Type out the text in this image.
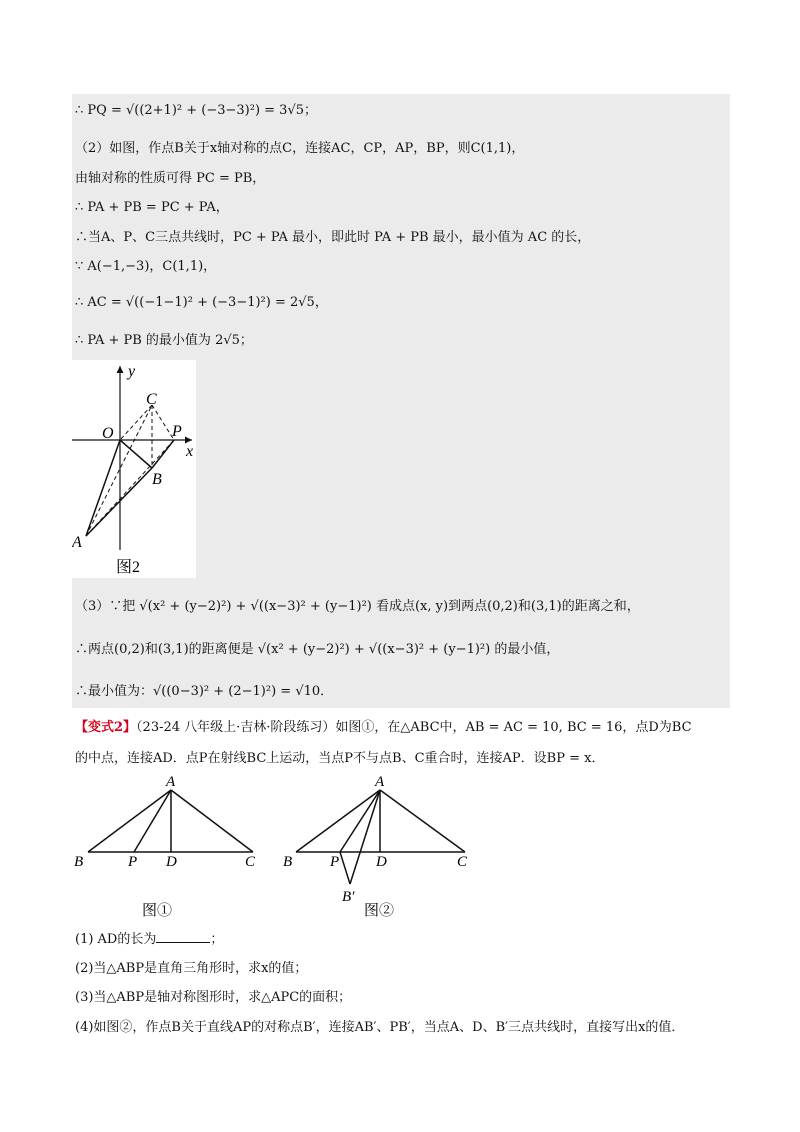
∴ PQ = √((2+1)² + (−3−3)²) = 3√5；
（2）如图，作点B关于x轴对称的点C，连接AC，CP，AP，BP，则C(1,1)，
由轴对称的性质可得 PC = PB，
∴ PA + PB = PC + PA，
∴当A、P、C三点共线时，PC + PA 最小，即此时 PA + PB 最小，最小值为 AC 的长，
∵ A(−1,−3)，C(1,1)，
∴ AC = √((−1−1)² + (−3−1)²) = 2√5，
∴ PA + PB 的最小值为 2√5；
y
x
O
C
P
B
A
图2
（3）∵把 √(x² + (y−2)²) + √((x−3)² + (y−1)²) 看成点(x, y)到两点(0,2)和(3,1)的距离之和，
∴两点(0,2)和(3,1)的距离便是 √(x² + (y−2)²) + √((x−3)² + (y−1)²) 的最小值，
∴最小值为：√((0−3)² + (2−1)²) = √10．
【变式2】（23-24 八年级上·吉林·阶段练习）如图①，在△ABC中，AB = AC = 10, BC = 16，点D为BC
的中点，连接AD．点P在射线BC上运动，当点P不与点B、C重合时，连接AP．设BP = x．
A
B	P D	C
图①
A
B	P D	C
B′
图②
(1) AD的长为	；
(2)当△ABP是直角三角形时，求x的值；
(3)当△ABP是轴对称图形时，求△APC的面积；
(4)如图②，作点B关于直线AP的对称点B′，连接AB′、PB′，当点A、D、B′三点共线时，直接写出x的值．
